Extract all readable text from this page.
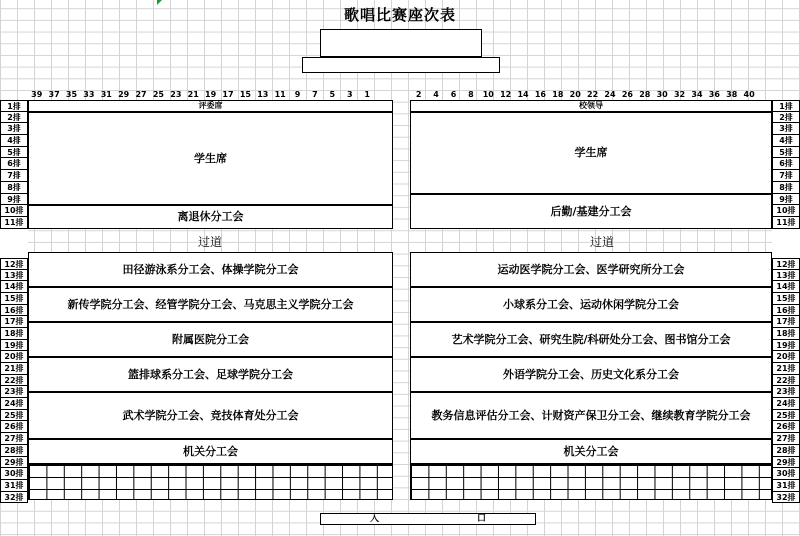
歌唱比赛座次表
39 37 35 33 31 29 27 25 23 21 19 17 15 13 11	9	7	5	3	1	2	4	6	8	10 12 14 16 18 20 22 24 26 28 30 32 34 36 38 40
1排
2排
3排
4排
5排
6排
7排
8排
9排
10排
11排
12排
13排
14排
15排
16排
17排
18排
19排
20排
21排
22排
23排
24排
25排
26排
27排
28排
29排
30排
31排
32排
1排
2排
3排
4排
5排
6排
7排
8排
9排
10排
11排
12排
13排
14排
15排
16排
17排
18排
19排
20排
21排
22排
23排
24排
25排
26排
27排
28排
29排
30排
31排
32排
评委席
学生席
离退休分工会
田径游泳系分工会、体操学院分工会
新传学院分工会、经管学院分工会、马克思主义学院分工会
附属医院分工会
篮排球系分工会、足球学院分工会
武术学院分工会、竞技体育处分工会
机关分工会
校领导
学生席
后勤/基建分工会
运动医学院分工会、医学研究所分工会
小球系分工会、运动休闲学院分工会
艺术学院分工会、研究生院/科研处分工会、图书馆分工会
外语学院分工会、历史文化系分工会
教务信息评估分工会、计财资产保卫分工会、继续教育学院分工会
机关分工会
过道	过道
入	口
